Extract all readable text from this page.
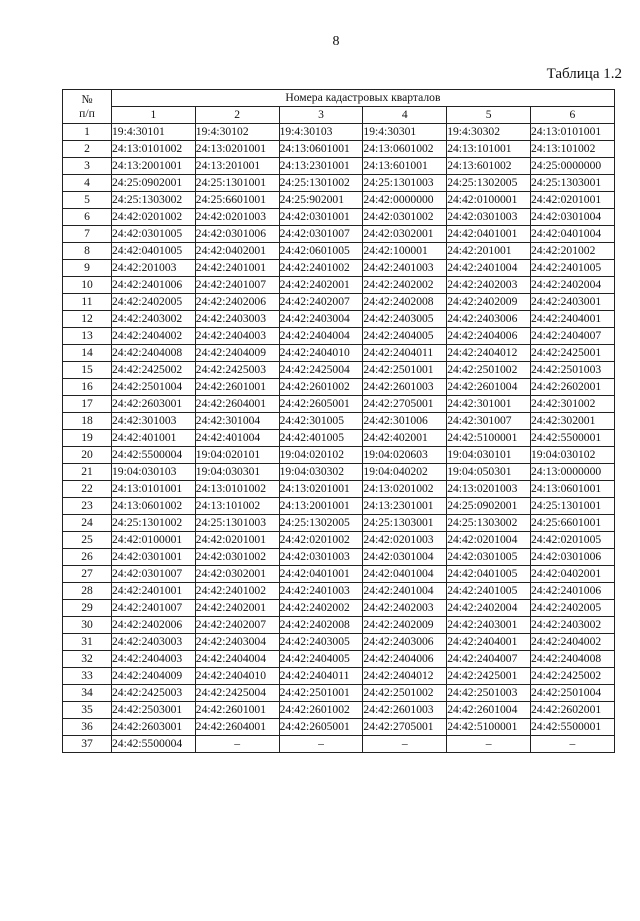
8
Таблица 1.2
№
п/п	Номера кадастровых кварталов					
	1	2	3	4	5	6
1	19:4:30101	19:4:30102	19:4:30103	19:4:30301	19:4:30302	24:13:0101001
2	24:13:0101002	24:13:0201001	24:13:0601001	24:13:0601002	24:13:101001	24:13:101002
3	24:13:2001001	24:13:201001	24:13:2301001	24:13:601001	24:13:601002	24:25:0000000
4	24:25:0902001	24:25:1301001	24:25:1301002	24:25:1301003	24:25:1302005	24:25:1303001
5	24:25:1303002	24:25:6601001	24:25:902001	24:42:0000000	24:42:0100001	24:42:0201001
6	24:42:0201002	24:42:0201003	24:42:0301001	24:42:0301002	24:42:0301003	24:42:0301004
7	24:42:0301005	24:42:0301006	24:42:0301007	24:42:0302001	24:42:0401001	24:42:0401004
8	24:42:0401005	24:42:0402001	24:42:0601005	24:42:100001	24:42:201001	24:42:201002
9	24:42:201003	24:42:2401001	24:42:2401002	24:42:2401003	24:42:2401004	24:42:2401005
10	24:42:2401006	24:42:2401007	24:42:2402001	24:42:2402002	24:42:2402003	24:42:2402004
11	24:42:2402005	24:42:2402006	24:42:2402007	24:42:2402008	24:42:2402009	24:42:2403001
12	24:42:2403002	24:42:2403003	24:42:2403004	24:42:2403005	24:42:2403006	24:42:2404001
13	24:42:2404002	24:42:2404003	24:42:2404004	24:42:2404005	24:42:2404006	24:42:2404007
14	24:42:2404008	24:42:2404009	24:42:2404010	24:42:2404011	24:42:2404012	24:42:2425001
15	24:42:2425002	24:42:2425003	24:42:2425004	24:42:2501001	24:42:2501002	24:42:2501003
16	24:42:2501004	24:42:2601001	24:42:2601002	24:42:2601003	24:42:2601004	24:42:2602001
17	24:42:2603001	24:42:2604001	24:42:2605001	24:42:2705001	24:42:301001	24:42:301002
18	24:42:301003	24:42:301004	24:42:301005	24:42:301006	24:42:301007	24:42:302001
19	24:42:401001	24:42:401004	24:42:401005	24:42:402001	24:42:5100001	24:42:5500001
20	24:42:5500004	19:04:020101	19:04:020102	19:04:020603	19:04:030101	19:04:030102
21	19:04:030103	19:04:030301	19:04:030302	19:04:040202	19:04:050301	24:13:0000000
22	24:13:0101001	24:13:0101002	24:13:0201001	24:13:0201002	24:13:0201003	24:13:0601001
23	24:13:0601002	24:13:101002	24:13:2001001	24:13:2301001	24:25:0902001	24:25:1301001
24	24:25:1301002	24:25:1301003	24:25:1302005	24:25:1303001	24:25:1303002	24:25:6601001
25	24:42:0100001	24:42:0201001	24:42:0201002	24:42:0201003	24:42:0201004	24:42:0201005
26	24:42:0301001	24:42:0301002	24:42:0301003	24:42:0301004	24:42:0301005	24:42:0301006
27	24:42:0301007	24:42:0302001	24:42:0401001	24:42:0401004	24:42:0401005	24:42:0402001
28	24:42:2401001	24:42:2401002	24:42:2401003	24:42:2401004	24:42:2401005	24:42:2401006
29	24:42:2401007	24:42:2402001	24:42:2402002	24:42:2402003	24:42:2402004	24:42:2402005
30	24:42:2402006	24:42:2402007	24:42:2402008	24:42:2402009	24:42:2403001	24:42:2403002
31	24:42:2403003	24:42:2403004	24:42:2403005	24:42:2403006	24:42:2404001	24:42:2404002
32	24:42:2404003	24:42:2404004	24:42:2404005	24:42:2404006	24:42:2404007	24:42:2404008
33	24:42:2404009	24:42:2404010	24:42:2404011	24:42:2404012	24:42:2425001	24:42:2425002
34	24:42:2425003	24:42:2425004	24:42:2501001	24:42:2501002	24:42:2501003	24:42:2501004
35	24:42:2503001	24:42:2601001	24:42:2601002	24:42:2601003	24:42:2601004	24:42:2602001
36	24:42:2603001	24:42:2604001	24:42:2605001	24:42:2705001	24:42:5100001	24:42:5500001
37	24:42:5500004	–	–	–	–	–
